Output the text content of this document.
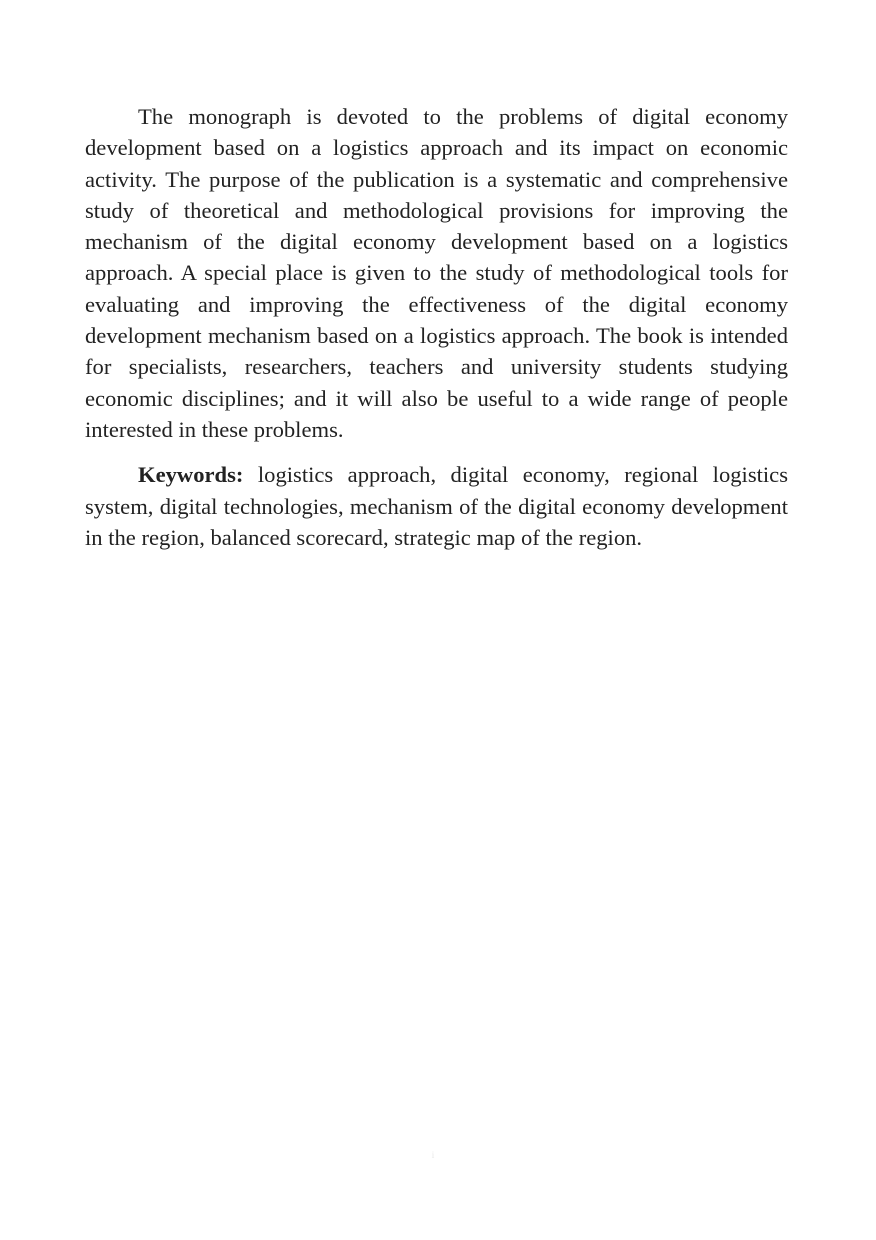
The monograph is devoted to the problems of digital economy development based on a logistics approach and its impact on economic activity. The purpose of the publication is a systematic and comprehensive study of theoretical and methodological provisions for improving the mechanism of the digital economy development based on a logistics approach. A special place is given to the study of methodological tools for evaluating and improving the effectiveness of the digital economy development mechanism based on a logistics approach. The book is intended for specialists, researchers, teachers and university students studying economic disciplines; and it will also be useful to a wide range of people interested in these problems.

Keywords: logistics approach, digital economy, regional logistics system, digital technologies, mechanism of the digital economy development in the region, balanced scorecard, strategic map of the region.

i
